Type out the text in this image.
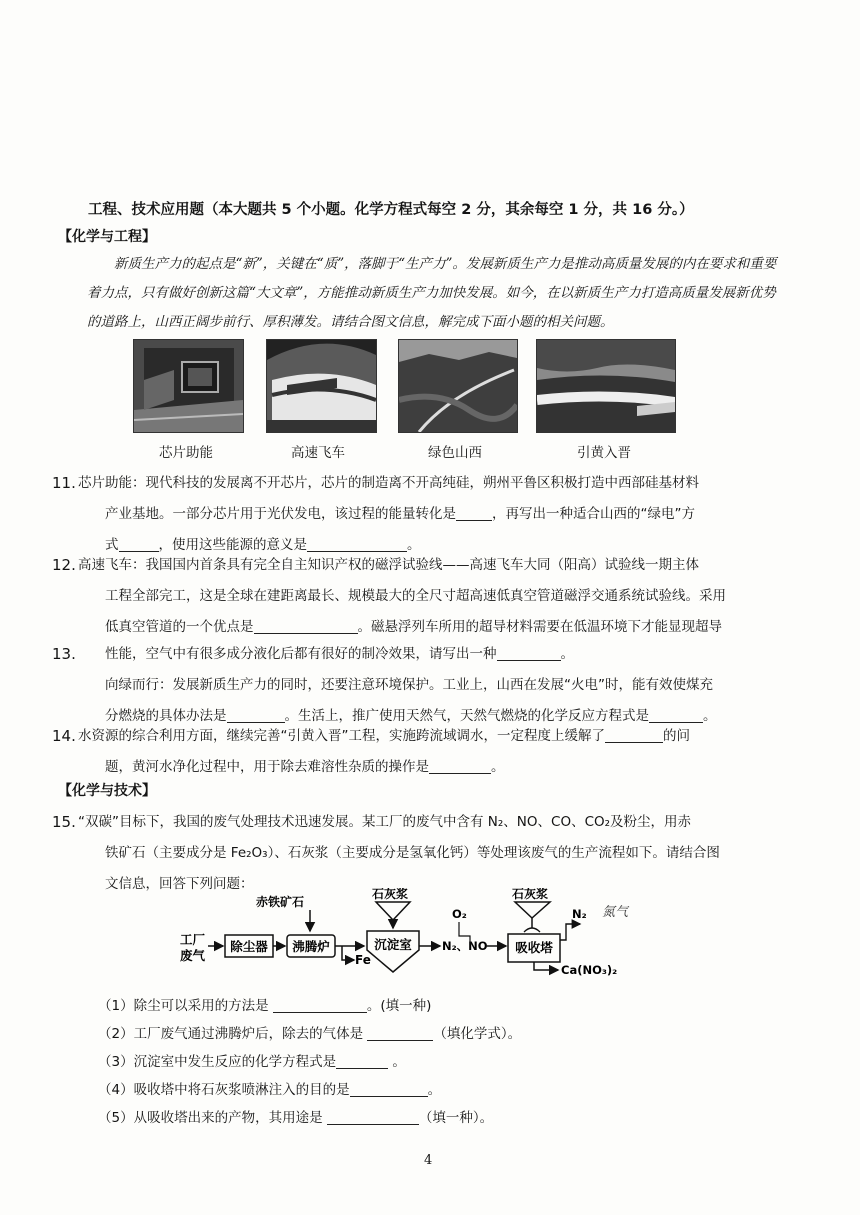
工程、技术应用题（本大题共 5 个小题。化学方程式每空 2 分，其余每空 1 分，共 16 分。）
【化学与工程】
新质生产力的起点是“新”，关键在“质”，落脚于“生产力”。发展新质生产力是推动高质量发展的内在要求和重要着力点，只有做好创新这篇“大文章”，方能推动新质生产力加快发展。如今，在以新质生产力打造高质量发展新优势的道路上，山西正阔步前行、厚积薄发。请结合图文信息，解完成下面小题的相关问题。
芯片助能	高速飞车	绿色山西	引黄入晋
11. 芯片助能：现代科技的发展离不开芯片，芯片的制造离不开高纯硅，朔州平鲁区积极打造中西部硅基材料
产业基地。一部分芯片用于光伏发电，该过程的能量转化是	，再写出一种适合山西的“绿电”方
式	，使用这些能源的意义是	。
12. 高速飞车：我国国内首条具有完全自主知识产权的磁浮试验线——高速飞车大同（阳高）试验线一期主体
工程全部完工，这是全球在建距离最长、规模最大的全尺寸超高速低真空管道磁浮交通系统试验线。采用
低真空管道的一个优点是	。磁悬浮列车所用的超导材料需要在低温环境下才能显现超导
13.	性能，空气中有很多成分液化后都有很好的制冷效果，请写出一种	。
向绿而行：发展新质生产力的同时，还要注意环境保护。工业上，山西在发展“火电”时，能有效使煤充
分燃烧的具体办法是	。生活上，推广使用天然气，天然气燃烧的化学反应方程式是	。
14. 水资源的综合利用方面，继续完善“引黄入晋”工程，实施跨流域调水，一定程度上缓解了	的问
题，黄河水净化过程中，用于除去难溶性杂质的操作是	。
【化学与技术】
15. “双碳”目标下，我国的废气处理技术迅速发展。某工厂的废气中含有 N₂、NO、CO、CO₂及粉尘，用赤
铁矿石（主要成分是 Fe₂O₃）、石灰浆（主要成分是氢氧化钙）等处理该废气的生产流程如下。请结合图
文信息，回答下列问题：
工厂
废气
除尘器
赤铁矿石
沸腾炉
Fe
石灰浆
沉淀室	N₂、NO
O₂
石灰浆
吸收塔
N₂ 氮气
Ca(NO₃)₂
（1）除尘可以采用的方法是	。(填一种)
（2）工厂废气通过沸腾炉后，除去的气体是	（填化学式）。
（3）沉淀室中发生反应的化学方程式是	。
（4）吸收塔中将石灰浆喷淋注入的目的是	。
（5）从吸收塔出来的产物，其用途是	（填一种）。
4
